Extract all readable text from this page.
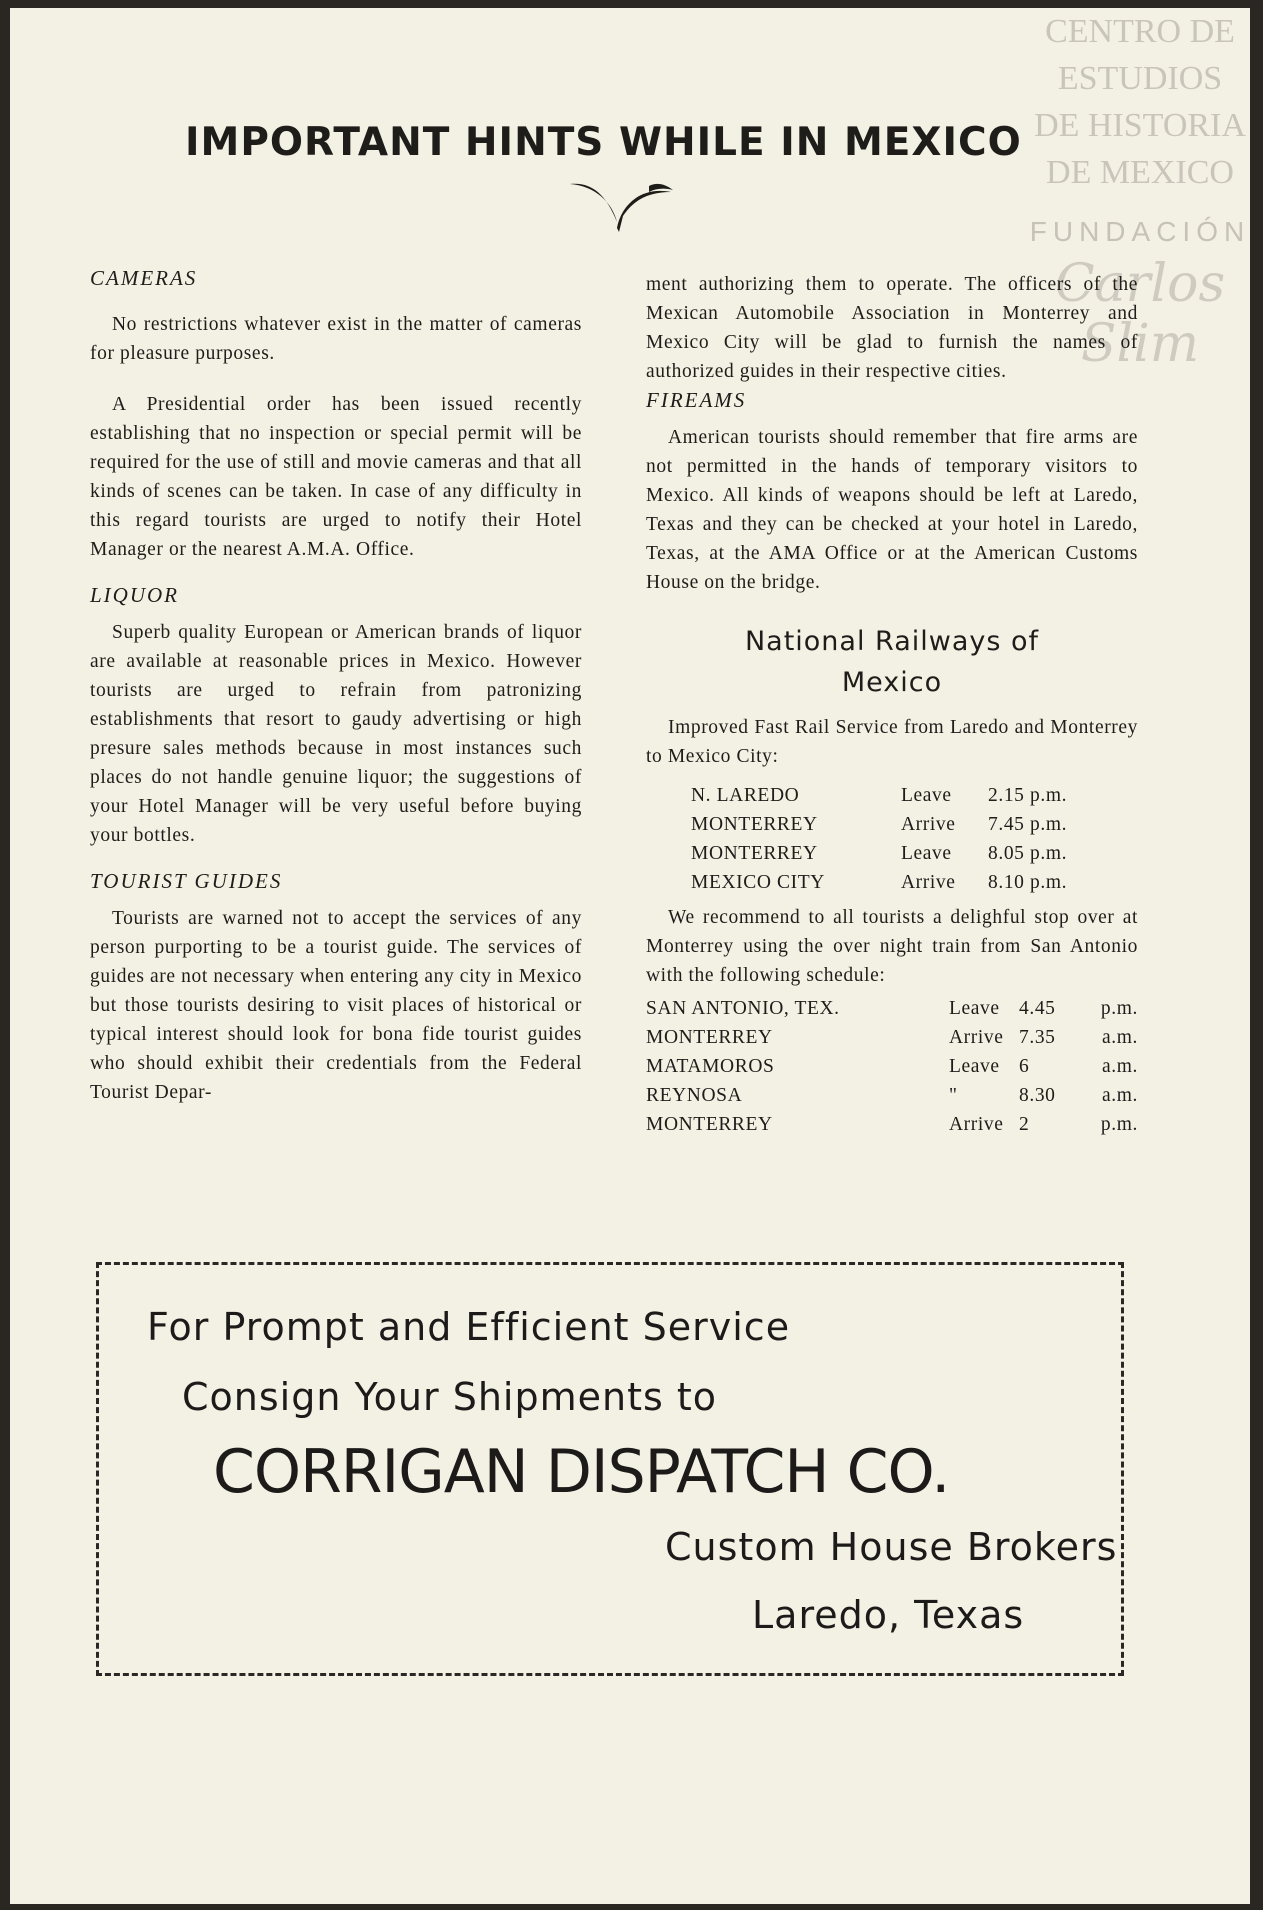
CENTRO DE
ESTUDIOS
DE HISTORIA
DE MEXICO
FUNDACIÓN
Carlos Slim
IMPORTANT HINTS WHILE IN MEXICO
CAMERAS

No restrictions whatever exist in the matter of cameras for pleasure purposes.

A Presidential order has been issued recently establishing that no inspection or special permit will be required for the use of still and movie cameras and that all kinds of scenes can be taken. In case of any difficulty in this regard tourists are urged to notify their Hotel Manager or the nearest A.M.A. Office.

LIQUOR

Superb quality European or American brands of liquor are available at reasonable prices in Mexico. However tourists are urged to refrain from patronizing establishments that resort to gaudy advertising or high presure sales methods because in most instances such places do not handle genuine liquor; the suggestions of your Hotel Manager will be very useful before buying your bottles.

TOURIST GUIDES

Tourists are warned not to accept the services of any person purporting to be a tourist guide. The services of guides are not necessary when entering any city in Mexico but those tourists desiring to visit places of historical or typical interest should look for bona fide tourist guides who should exhibit their credentials from the Federal Tourist Depar-

ment authorizing them to operate. The officers of the Mexican Automobile Association in Monterrey and Mexico City will be glad to furnish the names of authorized guides in their respective cities.

FIREAMS

American tourists should remember that fire arms are not permitted in the hands of temporary visitors to Mexico. All kinds of weapons should be left at Laredo, Texas and they can be checked at your hotel in Laredo, Texas, at the AMA Office or at the American Customs House on the bridge.

National Railways of
Mexico

Improved Fast Rail Service from Laredo and Monterrey to Mexico City:

N. LAREDO	Leave	2.15 p.m.
MONTERREY	Arrive	7.45 p.m.
MONTERREY	Leave	8.05 p.m.
MEXICO CITY	Arrive	8.10 p.m.

We recommend to all tourists a delighful stop over at Monterrey using the over night train from San Antonio with the following schedule:

SAN ANTONIO, TEX.	Leave	4.45	p.m.
MONTERREY	Arrive	7.35	a.m.
MATAMOROS	Leave	6	a.m.
REYNOSA	"	8.30	a.m.
MONTERREY	Arrive	2	p.m.
For Prompt and Efficient Service
Consign Your Shipments to
CORRIGAN DISPATCH CO.
Custom House Brokers
Laredo, Texas
